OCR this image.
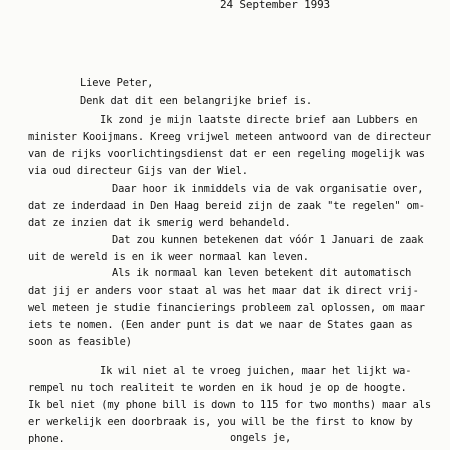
24 September 1993
Lieve Peter,
Denk dat dit een belangrijke brief is.
Ik zond je mijn laatste directe brief aan Lubbers en
minister Kooijmans. Kreeg vrijwel meteen antwoord van de directeur
van de rijks voorlichtingsdienst dat er een regeling mogelijk was
via oud directeur Gijs van der Wiel.
Daar hoor ik inmiddels via de vak organisatie over,
dat ze inderdaad in Den Haag bereid zijn de zaak "te regelen" om-
dat ze inzien dat ik smerig werd behandeld.
Dat zou kunnen betekenen dat vóór 1 Januari de zaak
uit de wereld is en ik weer normaal kan leven.
Als ik normaal kan leven betekent dit automatisch
dat jij er anders voor staat al was het maar dat ik direct vrij-
wel meteen je studie financierings probleem zal oplossen, om maar
iets te nomen. (Een ander punt is dat we naar de States gaan as
soon as feasible)
Ik wil niet al te vroeg juichen, maar het lijkt wa-
rempel nu toch realiteit te worden en ik houd je op de hoogte.
Ik bel niet (my phone bill is down to 115 for two months) maar als
er werkelijk een doorbraak is, you will be the first to know by
phone.	ongels je,
